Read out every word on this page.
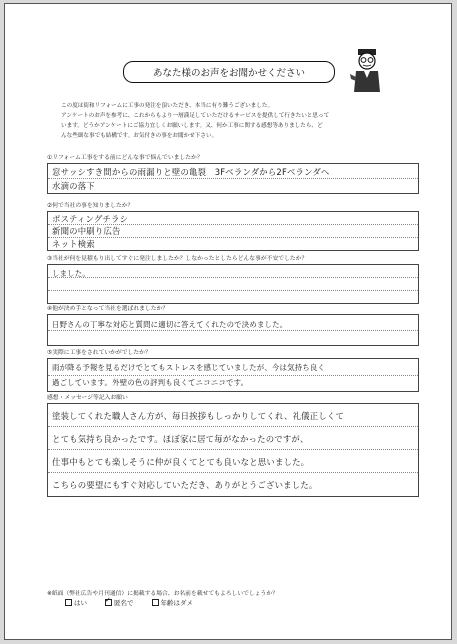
あなた様のお声をお聞かせください
この度は街和リフォームに工事の発注を頂いただき、本当に有り難うございました。
アンケートのお声を参考に、これからもより一層満足していただけるサービスを提供して行きたいと思って
います。どうかアンケートにご協力宜しくお願いします。又、何か工事に関する感想等ありましたら、ど
んな些細な事でも結構です。お気付きの事をお聞かせ下さい。
①リフォーム工事をする前にどんな事で悩んでいましたか？
窓サッシすき間からの雨漏りと壁の亀裂　3Fベランダから2Fベランダへ
水滴の落下
②何で当社の事を知りましたか？
ポスティングチラシ
新聞の中刷り広告
ネット検索
③当社が何を見積もり出してすぐに発注しましたか？しなかったとしたらどんな事が不安でしたか？
しました。
④他が決め手となって当社を選ばれましたか？
日野さんの丁寧な対応と質問に適切に答えてくれたので決めました。
⑤実際に工事をされていかがでしたか？
雨が降る予報を見るだけでとてもストレスを感じていましたが、今は気持ち良く
過ごしています。外壁の色の評判も良くてニコニコです。
感想・メッセージ等記入お願い
塗装してくれた職人さん方が、毎日挨拶もしっかりしてくれ、礼儀正しくて
とても気持ち良かったです。ほぼ家に居て毎がなかったのですが、
仕事中もとても楽しそうに仲が良くてとても良いなと思いました。
こちらの要望にもすぐ対応していただき、ありがとうございました。
※紙面（弊社広告や月刊通信）に掲載する場合、お名前を載せてもよろしいでしょうか？
はい
✓	匿名で	年齢はダメ
